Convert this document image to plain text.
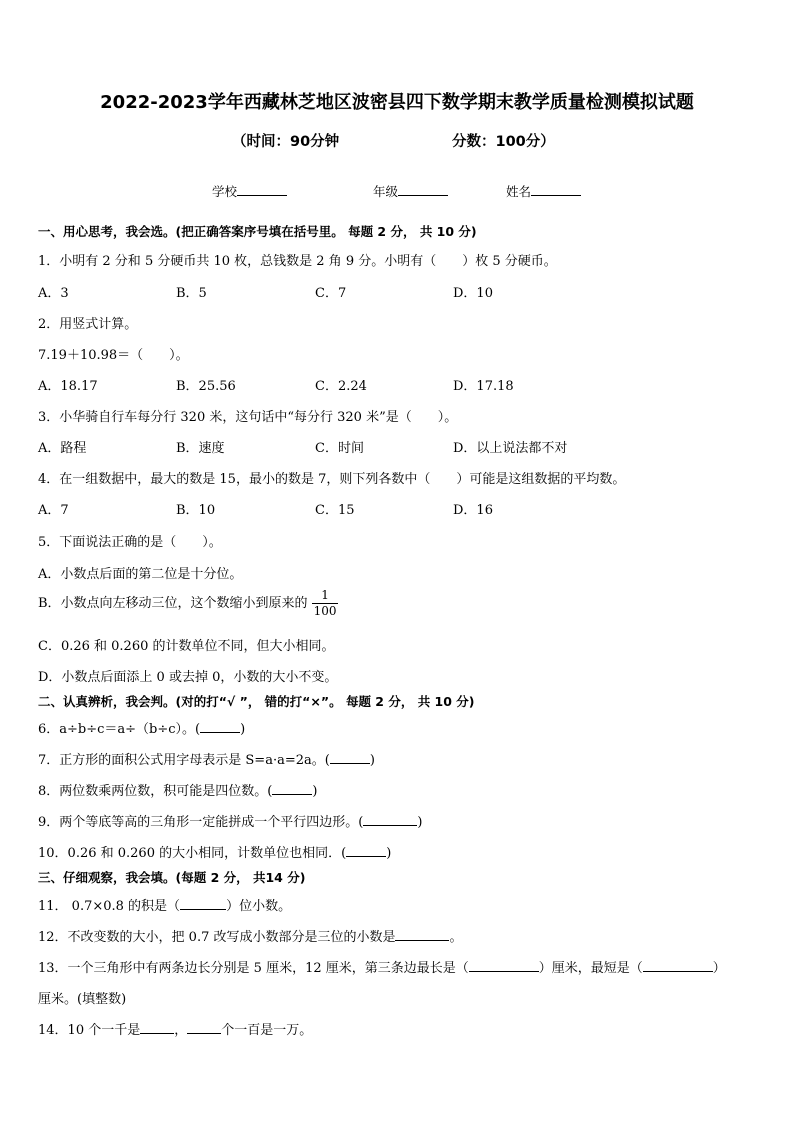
2022-2023学年西藏林芝地区波密县四下数学期末教学质量检测模拟试题
（时间：90分钟	分数：100分）
学校	年级	姓名
一、用心思考，我会选。(把正确答案序号填在括号里。 每题 2 分， 共 10 分)
1．小明有 2 分和 5 分硬币共 10 枚，总钱数是 2 角 9 分。小明有（　　）枚 5 分硬币。
A．3	B．5	C．7	D．10
2．用竖式计算。
7.19＋10.98＝（　　）。
A．18.17	B．25.56	C．2.24	D．17.18
3．小华骑自行车每分行 320 米，这句话中“每分行 320 米”是（　　）。
A．路程	B．速度	C．时间	D．以上说法都不对
4．在一组数据中，最大的数是 15，最小的数是 7，则下列各数中（　　）可能是这组数据的平均数。
A．7	B．10	C．15	D．16
5．下面说法正确的是（　　）。
A．小数点后面的第二位是十分位。
B．小数点向左移动三位，这个数缩小到原来的 $\frac{1}{100}$
C．0.26 和 0.260 的计数单位不同，但大小相同。
D．小数点后面添上 0 或去掉 0，小数的大小不变。
二、认真辨析，我会判。(对的打“√ ”， 错的打“×”。 每题 2 分， 共 10 分)
6．a÷b÷c＝a÷（b÷c）。(	)
7．正方形的面积公式用字母表示是 S=a·a=2a。(	)
8．两位数乘两位数，积可能是四位数。(	)
9．两个等底等高的三角形一定能拼成一个平行四边形。(	)
10．0.26 和 0.260 的大小相同，计数单位也相同．(	)
三、仔细观察，我会填。(每题 2 分， 共14 分)
11． 0.7×0.8 的积是（	）位小数。
12．不改变数的大小，把 0.7 改写成小数部分是三位的小数是	。
13．一个三角形中有两条边长分别是 5 厘米，12 厘米，第三条边最长是（	）厘米，最短是（	）
厘米。(填整数)
14．10 个一千是	，	个一百是一万。
